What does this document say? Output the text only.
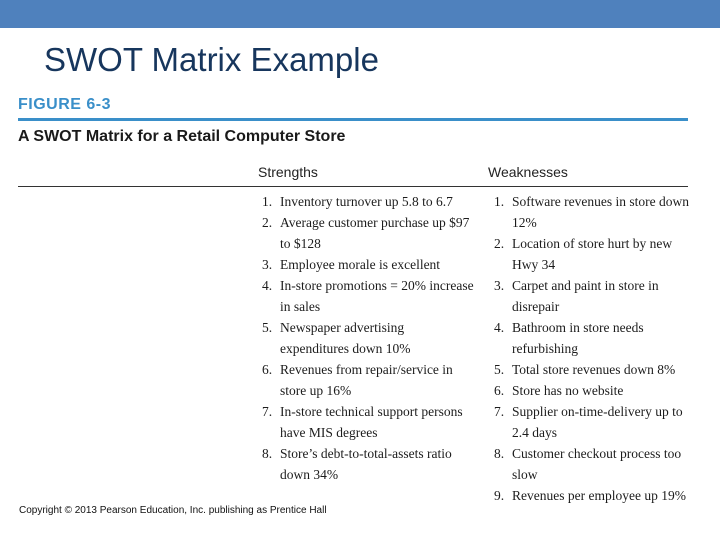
SWOT Matrix Example
FIGURE 6-3
A SWOT Matrix for a Retail Computer Store
Strengths	Weaknesses
1. Inventory turnover up 5.8 to 6.7
2. Average customer purchase up $97 to $128
3. Employee morale is excellent
4. In-store promotions = 20% increase in sales
5. Newspaper advertising expenditures down 10%
6. Revenues from repair/service in store up 16%
7. In-store technical support persons have MIS degrees
8. Store’s debt-to-total-assets ratio down 34%
1. Software revenues in store down 12%
2. Location of store hurt by new Hwy 34
3. Carpet and paint in store in disrepair
4. Bathroom in store needs refurbishing
5. Total store revenues down 8%
6. Store has no website
7. Supplier on-time-delivery up to 2.4 days
8. Customer checkout process too slow
9. Revenues per employee up 19%
Copyright © 2013 Pearson Education, Inc. publishing as Prentice Hall
